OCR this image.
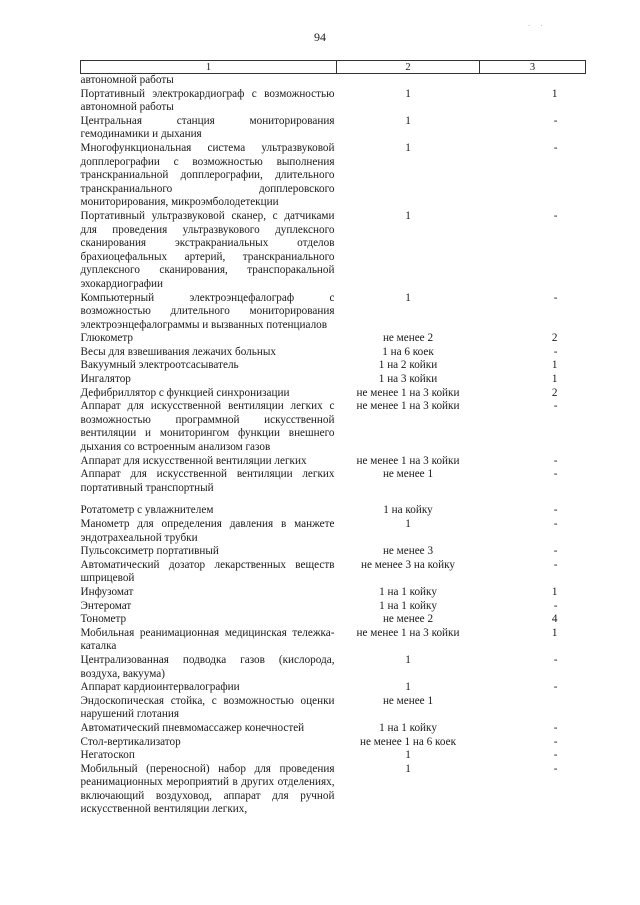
. .
94
1	2	3
автономной работы		
Портативный электрокардиограф с возможностью автономной работы	1	1
Центральная станция мониторирования гемодинамики и дыхания	1	-
Многофункциональная система ультразвуковой допплерографии с возможностью выполнения транскраниальной допплерографии, длительного транскраниального допплеровского мониторирования, микроэмболодетекции	1	-
Портативный ультразвуковой сканер, с датчиками для проведения ультразвукового дуплексного сканирования экстракраниальных отделов брахиоцефальных артерий, транскраниального дуплексного сканирования, транспоракальной эхокардиографии	1	-
Компьютерный электроэнцефалограф с возможностью длительного мониторирования электроэнцефалограммы и вызванных потенциалов	1	-
Глюкометр	не менее 2	2
Весы для взвешивания лежачих больных	1 на 6 коек	-
Вакуумный электроотсасыватель	1 на 2 койки	1
Ингалятор	1 на 3 койки	1
Дефибриллятор с функцией синхронизации	не менее 1 на 3 койки	2
Аппарат для искусственной вентиляции легких с возможностью программной искусственной вентиляции и мониторингом функции внешнего дыхания со встроенным анализом газов	не менее 1 на 3 койки	-
Аппарат для искусственной вентиляции легких	не менее 1 на 3 койки	-
Аппарат для искусственной вентиляции легких портативный транспортный	не менее 1	-
Ротатометр с увлажнителем	1 на койку	-
Манометр для определения давления в манжете эндотрахеальной трубки	1	-
Пульсоксиметр портативный	не менее 3	-
Автоматический дозатор лекарственных веществ шприцевой	не менее 3 на койку	-
Инфузомат	1 на 1 койку	1
Энтеромат	1 на 1 койку	-
Тонометр	не менее 2	4
Мобильная реанимационная медицинская тележка-каталка	не менее 1 на 3 койки	1
Централизованная подводка газов (кислорода, воздуха, вакуума)	1	-
Аппарат кардиоинтервалографии	1	-
Эндоскопическая стойка, с возможностью оценки нарушений глотания	не менее 1	
Автоматический пневмомассажер конечностей	1 на 1 койку	-
Стол-вертикализатор	не менее 1 на 6 коек	-
Негатоскоп	1	-
Мобильный (переносной) набор для проведения реанимационных мероприятий в других отделениях, включающий воздуховод, аппарат для ручной искусственной вентиляции легких,	1	-
